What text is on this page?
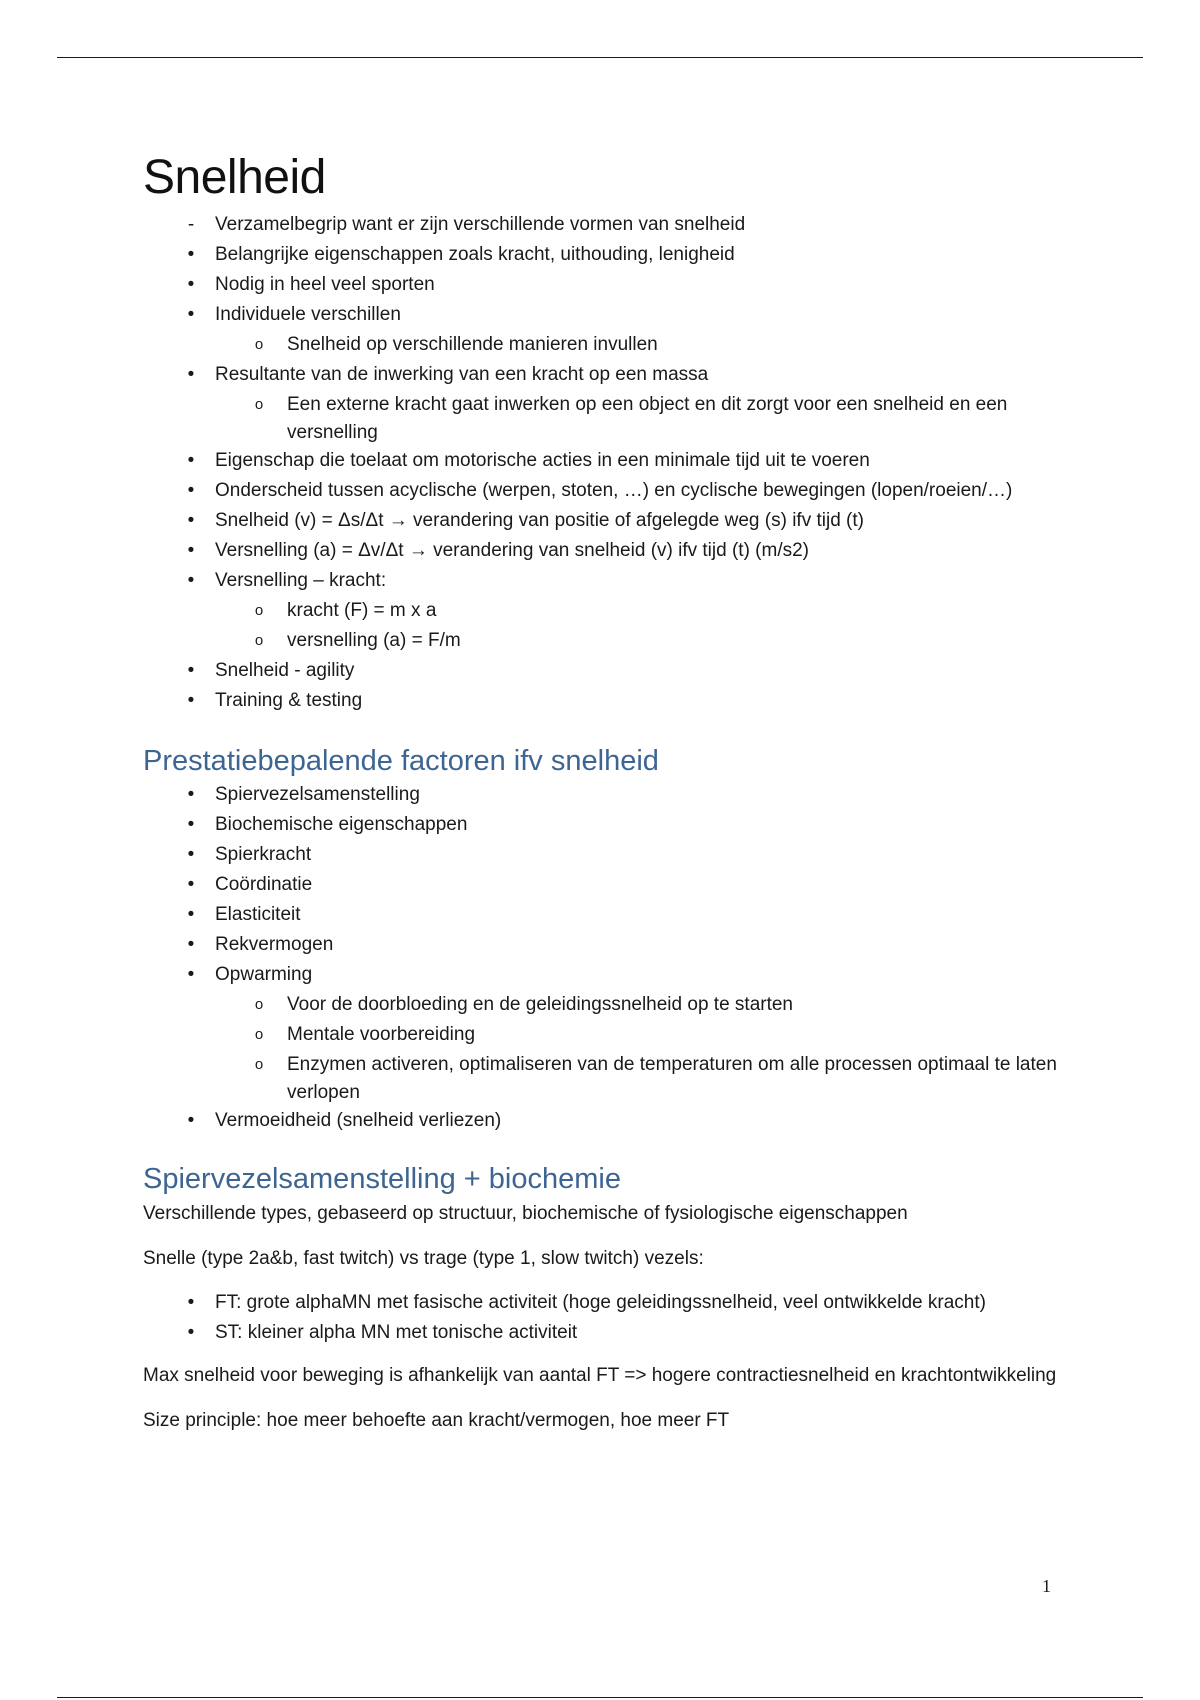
Snelheid
-	Verzamelbegrip want er zijn verschillende vormen van snelheid
•	Belangrijke eigenschappen zoals kracht, uithouding, lenigheid
•	Nodig in heel veel sporten
•	Individuele verschillen
o	Snelheid op verschillende manieren invullen
•	Resultante van de inwerking van een kracht op een massa
o	Een externe kracht gaat inwerken op een object en dit zorgt voor een snelheid en een versnelling
•	Eigenschap die toelaat om motorische acties in een minimale tijd uit te voeren
•	Onderscheid tussen acyclische (werpen, stoten, …) en cyclische bewegingen (lopen/roeien/…)
•	Snelheid (v) = Δs/Δt → verandering van positie of afgelegde weg (s) ifv tijd (t)
•	Versnelling (a) = Δv/Δt → verandering van snelheid (v) ifv tijd (t) (m/s2)
•	Versnelling – kracht:
o	kracht (F) = m x a
o	versnelling (a) = F/m
•	Snelheid - agility
•	Training & testing
Prestatiebepalende factoren ifv snelheid
•	Spiervezelsamenstelling
•	Biochemische eigenschappen
•	Spierkracht
•	Coördinatie
•	Elasticiteit
•	Rekvermogen
•	Opwarming
o	Voor de doorbloeding en de geleidingssnelheid op te starten
o	Mentale voorbereiding
o	Enzymen activeren, optimaliseren van de temperaturen om alle processen optimaal te laten verlopen
•	Vermoeidheid (snelheid verliezen)
Spiervezelsamenstelling + biochemie

Verschillende types, gebaseerd op structuur, biochemische of fysiologische eigenschappen

Snelle (type 2a&b, fast twitch) vs trage (type 1, slow twitch) vezels:

•	FT: grote alphaMN met fasische activiteit (hoge geleidingssnelheid, veel ontwikkelde kracht)
•	ST: kleiner alpha MN met tonische activiteit

Max snelheid voor beweging is afhankelijk van aantal FT => hogere contractiesnelheid en krachtontwikkeling

Size principle: hoe meer behoefte aan kracht/vermogen, hoe meer FT

1
